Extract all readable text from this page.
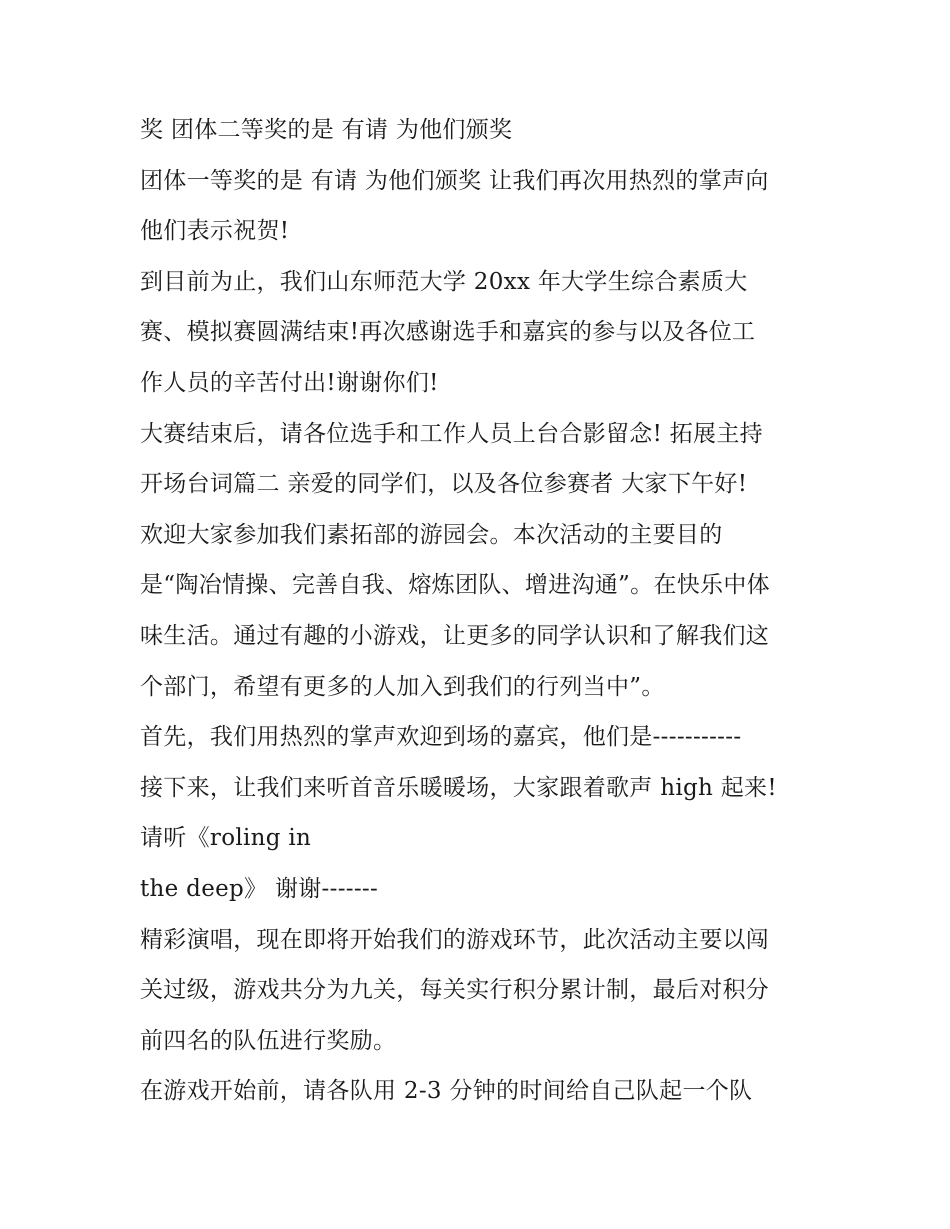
奖 团体二等奖的是 有请 为他们颁奖
团体一等奖的是 有请 为他们颁奖 让我们再次用热烈的掌声向
他们表示祝贺!
到目前为止，我们山东师范大学 20xx 年大学生综合素质大
赛、模拟赛圆满结束!再次感谢选手和嘉宾的参与以及各位工
作人员的辛苦付出!谢谢你们!
大赛结束后，请各位选手和工作人员上台合影留念! 拓展主持
开场台词篇二 亲爱的同学们，以及各位参赛者 大家下午好!
欢迎大家参加我们素拓部的游园会。本次活动的主要目的
是“陶冶情操、完善自我、熔炼团队、增进沟通”。在快乐中体
味生活。通过有趣的小游戏，让更多的同学认识和了解我们这
个部门，希望有更多的人加入到我们的行列当中”。
首先，我们用热烈的掌声欢迎到场的嘉宾，他们是-----------
接下来，让我们来听首音乐暖暖场，大家跟着歌声 high 起来!
请听《roling in
the deep》 谢谢-------
精彩演唱，现在即将开始我们的游戏环节，此次活动主要以闯
关过级，游戏共分为九关，每关实行积分累计制，最后对积分
前四名的队伍进行奖励。
在游戏开始前，请各队用 2-3 分钟的时间给自己队起一个队
